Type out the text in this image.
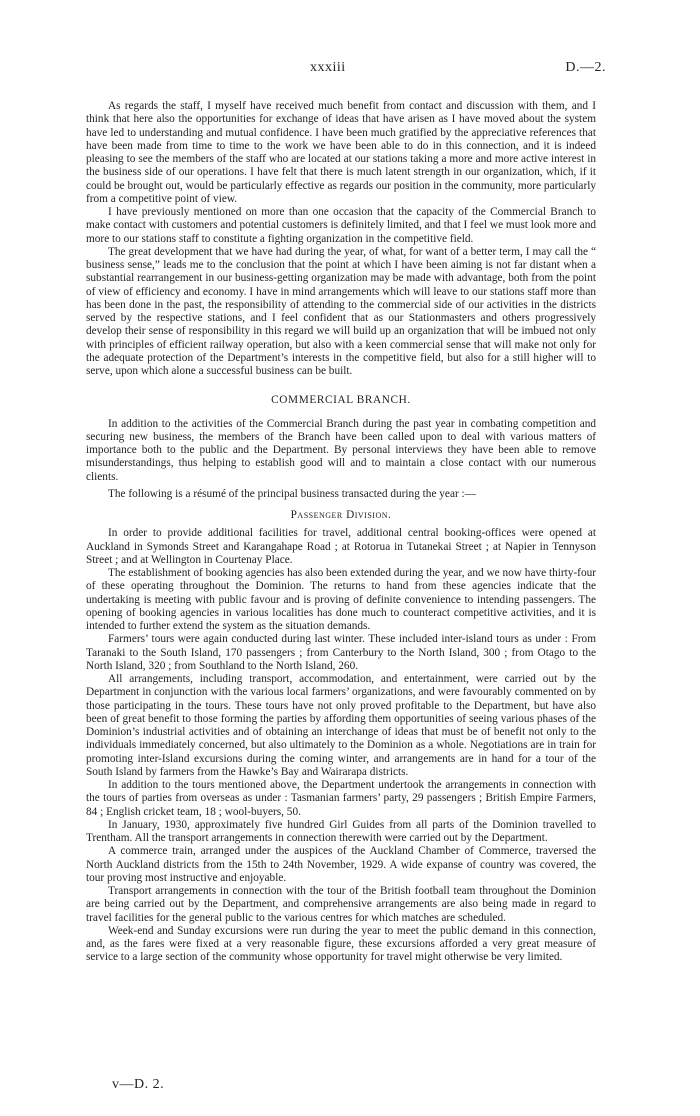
xxxiii	D.—2.

As regards the staff, I myself have received much benefit from contact and discussion with them, and I think that here also the opportunities for exchange of ideas that have arisen as I have moved about the system have led to understanding and mutual confidence. I have been much gratified by the appreciative references that have been made from time to time to the work we have been able to do in this connection, and it is indeed pleasing to see the members of the staff who are located at our stations taking a more and more active interest in the business side of our operations. I have felt that there is much latent strength in our organization, which, if it could be brought out, would be particularly effective as regards our position in the community, more particularly from a competitive point of view.

I have previously mentioned on more than one occasion that the capacity of the Commercial Branch to make contact with customers and potential customers is definitely limited, and that I feel we must look more and more to our stations staff to constitute a fighting organization in the competitive field.

The great development that we have had during the year, of what, for want of a better term, I may call the “ business sense,” leads me to the conclusion that the point at which I have been aiming is not far distant when a substantial rearrangement in our business-getting organization may be made with advantage, both from the point of view of efficiency and economy. I have in mind arrangements which will leave to our stations staff more than has been done in the past, the responsibility of attending to the commercial side of our activities in the districts served by the respective stations, and I feel confident that as our Stationmasters and others progressively develop their sense of responsibility in this regard we will build up an organization that will be imbued not only with principles of efficient railway operation, but also with a keen commercial sense that will make not only for the adequate protection of the Department’s interests in the competitive field, but also for a still higher will to serve, upon which alone a successful business can be built.

COMMERCIAL BRANCH.

In addition to the activities of the Commercial Branch during the past year in combating competition and securing new business, the members of the Branch have been called upon to deal with various matters of importance both to the public and the Department. By personal interviews they have been able to remove misunderstandings, thus helping to establish good will and to maintain a close contact with our numerous clients.

The following is a résumé of the principal business transacted during the year :—

Passenger Division.

In order to provide additional facilities for travel, additional central booking-offices were opened at Auckland in Symonds Street and Karangahape Road ; at Rotorua in Tutanekai Street ; at Napier in Tennyson Street ; and at Wellington in Courtenay Place.

The establishment of booking agencies has also been extended during the year, and we now have thirty-four of these operating throughout the Dominion. The returns to hand from these agencies indicate that the undertaking is meeting with public favour and is proving of definite convenience to intending passengers. The opening of booking agencies in various localities has done much to counteract competitive activities, and it is intended to further extend the system as the situation demands.

Farmers’ tours were again conducted during last winter. These included inter-island tours as under : From Taranaki to the South Island, 170 passengers ; from Canterbury to the North Island, 300 ; from Otago to the North Island, 320 ; from Southland to the North Island, 260.

All arrangements, including transport, accommodation, and entertainment, were carried out by the Department in conjunction with the various local farmers’ organizations, and were favourably commented on by those participating in the tours. These tours have not only proved profitable to the Department, but have also been of great benefit to those forming the parties by affording them opportunities of seeing various phases of the Dominion’s industrial activities and of obtaining an interchange of ideas that must be of benefit not only to the individuals immediately concerned, but also ultimately to the Dominion as a whole. Negotiations are in train for promoting inter-Island excursions during the coming winter, and arrangements are in hand for a tour of the South Island by farmers from the Hawke’s Bay and Wairarapa districts.

In addition to the tours mentioned above, the Department undertook the arrangements in connection with the tours of parties from overseas as under : Tasmanian farmers’ party, 29 passengers ; British Empire Farmers, 84 ; English cricket team, 18 ; wool-buyers, 50.

In January, 1930, approximately five hundred Girl Guides from all parts of the Dominion travelled to Trentham. All the transport arrangements in connection therewith were carried out by the Department.

A commerce train, arranged under the auspices of the Auckland Chamber of Commerce, traversed the North Auckland districts from the 15th to 24th November, 1929. A wide expanse of country was covered, the tour proving most instructive and enjoyable.

Transport arrangements in connection with the tour of the British football team throughout the Dominion are being carried out by the Department, and comprehensive arrangements are also being made in regard to travel facilities for the general public to the various centres for which matches are scheduled.

Week-end and Sunday excursions were run during the year to meet the public demand in this connection, and, as the fares were fixed at a very reasonable figure, these excursions afforded a very great measure of service to a large section of the community whose opportunity for travel might otherwise be very limited.

v—D. 2.
